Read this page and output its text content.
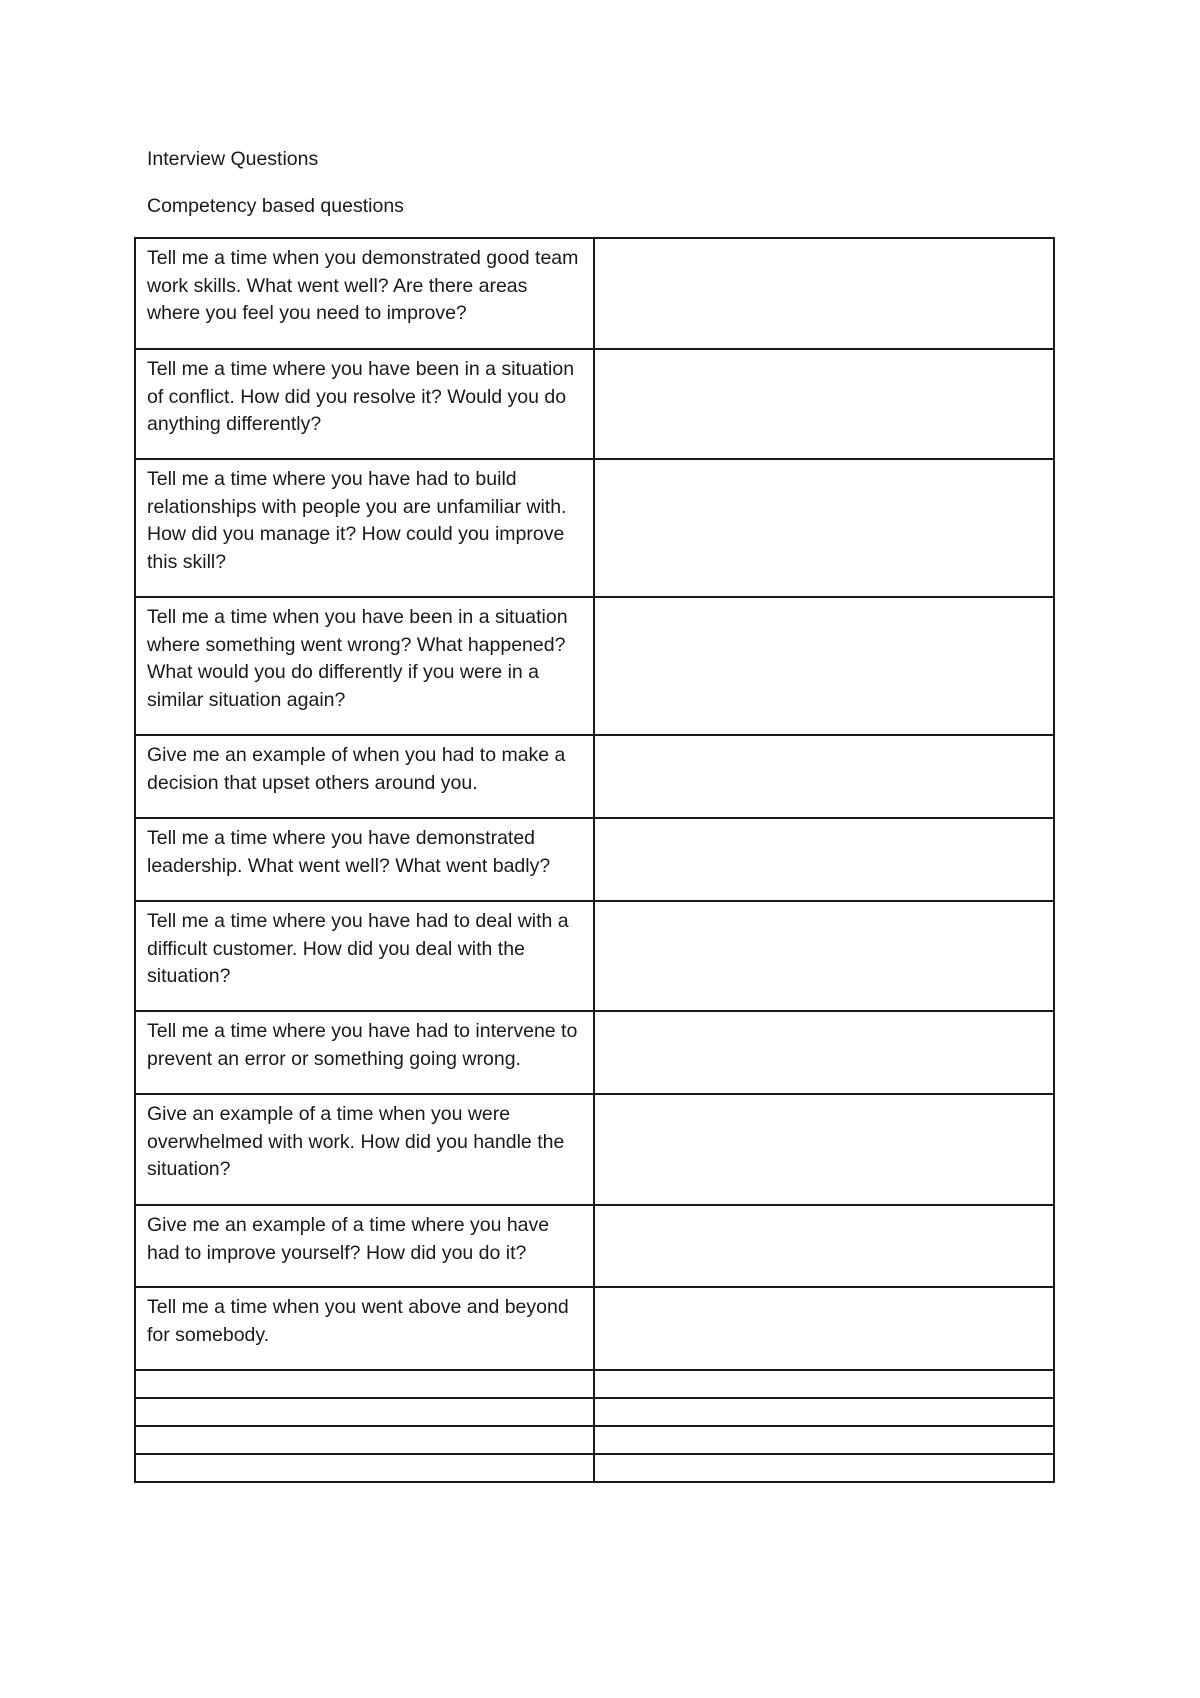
Interview Questions
Competency based questions
Tell me a time when you demonstrated good team work skills. What went well? Are there areas where you feel you need to improve?	
Tell me a time where you have been in a situation of conflict. How did you resolve it? Would you do anything differently?	
Tell me a time where you have had to build relationships with people you are unfamiliar with. How did you manage it? How could you improve this skill?	
Tell me a time when you have been in a situation where something went wrong? What happened? What would you do differently if you were in a similar situation again?	
Give me an example of when you had to make a decision that upset others around you.	
Tell me a time where you have demonstrated leadership. What went well? What went badly?	
Tell me a time where you have had to deal with a difficult customer. How did you deal with the situation?	
Tell me a time where you have had to intervene to prevent an error or something going wrong.	
Give an example of a time when you were overwhelmed with work. How did you handle the situation?	
Give me an example of a time where you have had to improve yourself? How did you do it?	
Tell me a time when you went above and beyond for somebody.	
